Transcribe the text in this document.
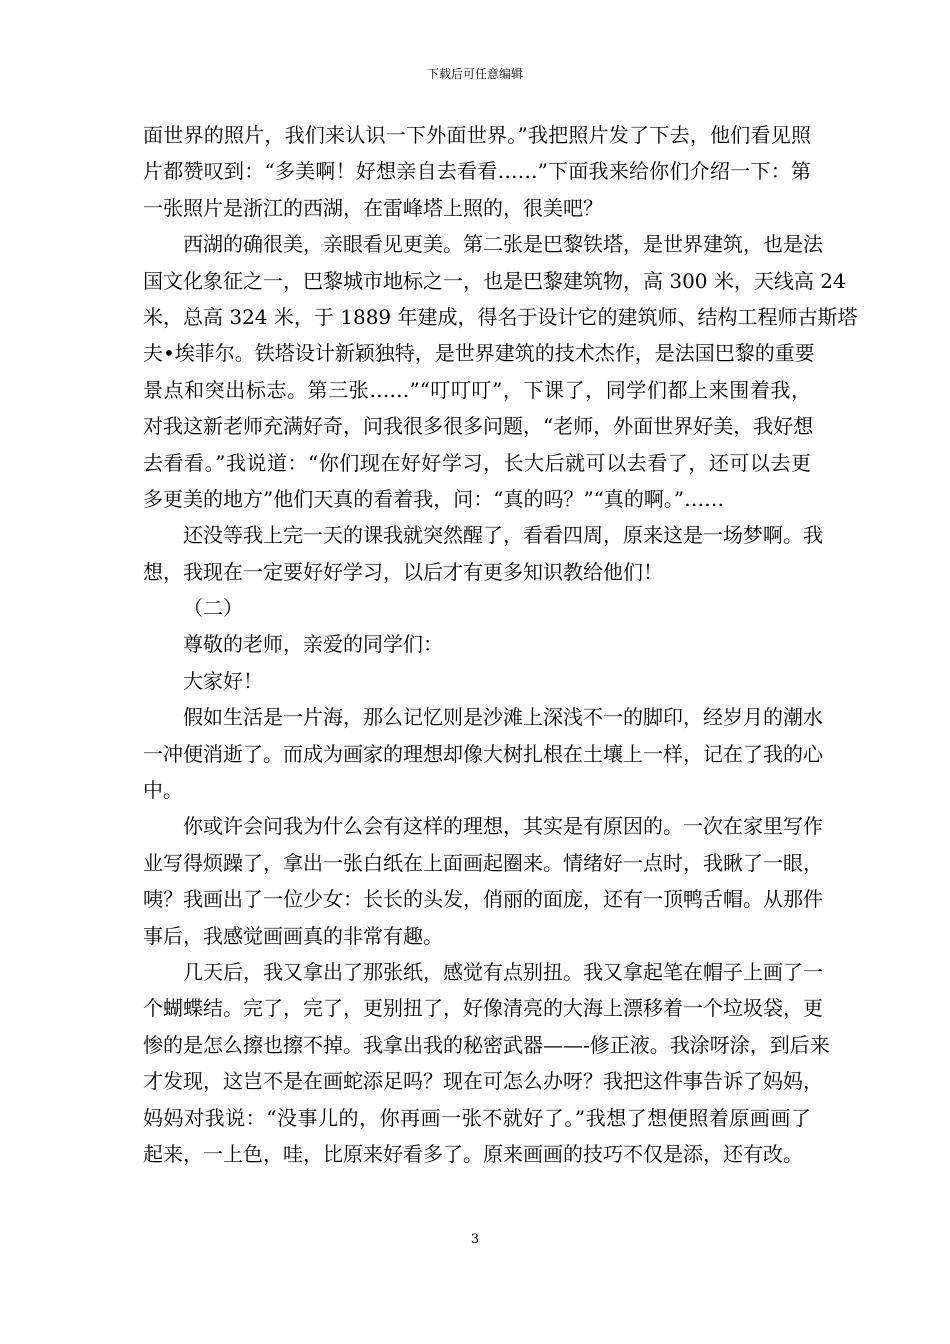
下载后可任意编辑
面世界的照片，我们来认识一下外面世界。”我把照片发了下去，他们看见照
片都赞叹到：“多美啊！好想亲自去看看……”下面我来给你们介绍一下：第
一张照片是浙江的西湖，在雷峰塔上照的，很美吧？
西湖的确很美，亲眼看见更美。第二张是巴黎铁塔，是世界建筑，也是法
国文化象征之一，巴黎城市地标之一，也是巴黎建筑物，高 300 米，天线高 24
米，总高 324 米，于 1889 年建成，得名于设计它的建筑师、结构工程师古斯塔
夫•埃菲尔。铁塔设计新颖独特，是世界建筑的技术杰作，是法国巴黎的重要
景点和突出标志。第三张……”“叮叮叮”，下课了，同学们都上来围着我，
对我这新老师充满好奇，问我很多很多问题，“老师，外面世界好美，我好想
去看看。”我说道：“你们现在好好学习，长大后就可以去看了，还可以去更
多更美的地方”他们天真的看着我，问：“真的吗？”“真的啊。”……
还没等我上完一天的课我就突然醒了，看看四周，原来这是一场梦啊。我
想，我现在一定要好好学习，以后才有更多知识教给他们！
（二）
尊敬的老师，亲爱的同学们：
大家好！
假如生活是一片海，那么记忆则是沙滩上深浅不一的脚印，经岁月的潮水
一冲便消逝了。而成为画家的理想却像大树扎根在土壤上一样，记在了我的心
中。
你或许会问我为什么会有这样的理想，其实是有原因的。一次在家里写作
业写得烦躁了，拿出一张白纸在上面画起圈来。情绪好一点时，我瞅了一眼，
咦？我画出了一位少女：长长的头发，俏丽的面庞，还有一顶鸭舌帽。从那件
事后，我感觉画画真的非常有趣。
几天后，我又拿出了那张纸，感觉有点别扭。我又拿起笔在帽子上画了一
个蝴蝶结。完了，完了，更别扭了，好像清亮的大海上漂移着一个垃圾袋，更
惨的是怎么擦也擦不掉。我拿出我的秘密武器——-修正液。我涂呀涂，到后来
才发现，这岂不是在画蛇添足吗？现在可怎么办呀？我把这件事告诉了妈妈，
妈妈对我说：“没事儿的，你再画一张不就好了。”我想了想便照着原画画了
起来，一上色，哇，比原来好看多了。原来画画的技巧不仅是添，还有改。
3
